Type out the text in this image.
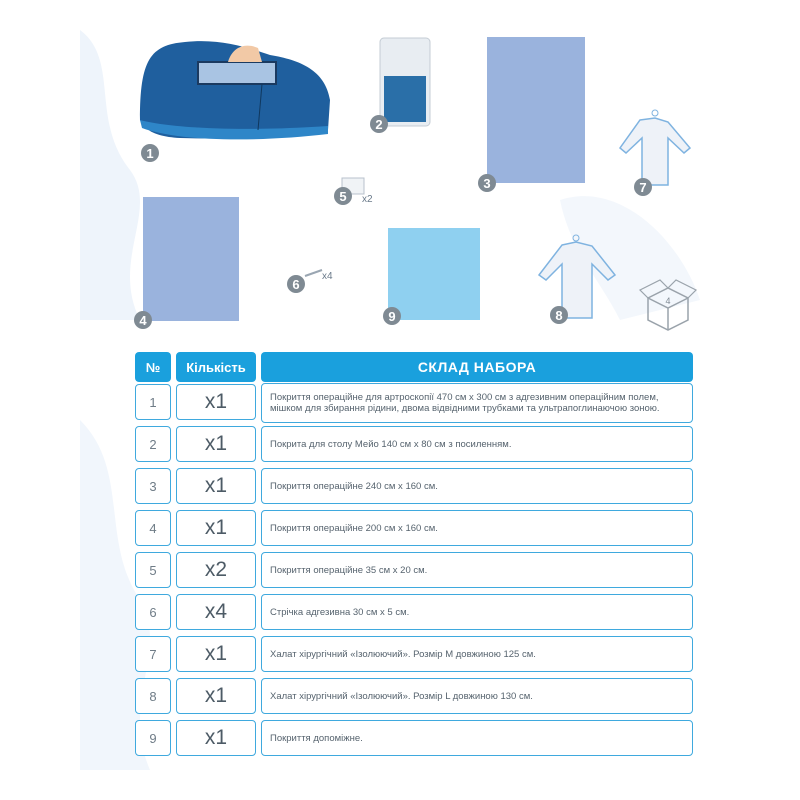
1
2
3	7
5 x2
4
6
x4
9	8
4
№	Кількість	СКЛАД НАБОРА
1	x1	Покриття операційне для артроскопії 470 см х 300 см з адгезивним операційним полем, мішком для збирання рідини, двома відвідними трубками та ультрапоглинаючою зоною.
2	x1	Покрита для столу Мейо 140 см х 80 см з посиленням.
3	x1	Покриття операційне 240 см х 160 см.
4	x1	Покриття операційне 200 см х 160 см.
5	x2	Покриття операційне 35 см х 20 см.
6	x4	Стрічка адгезивна 30 см х 5 см.
7	x1	Халат хірургічний «Ізолюючий». Розмір M довжиною 125 см.
8	x1	Халат хірургічний «Ізолюючий». Розмір L довжиною 130 см.
9	x1	Покриття допоміжне.
